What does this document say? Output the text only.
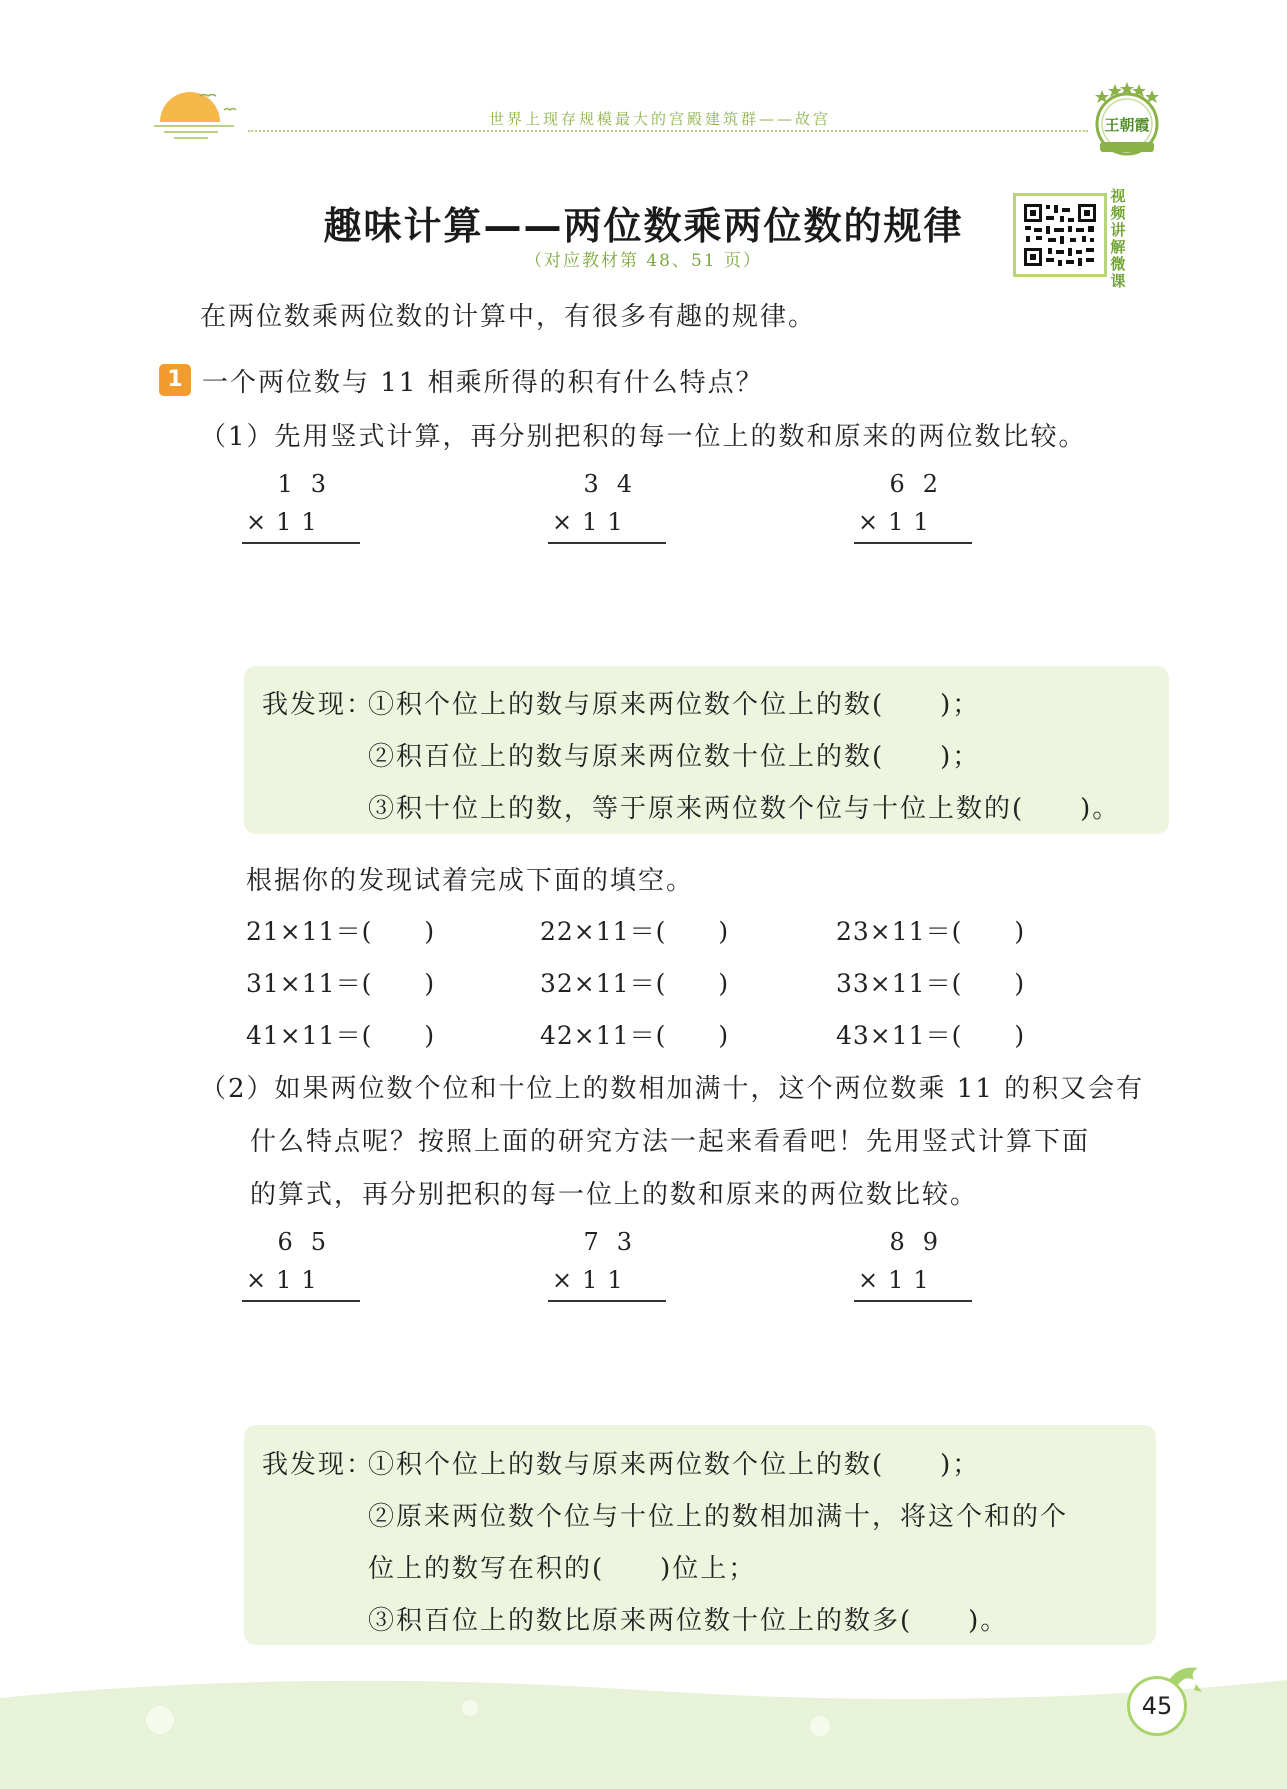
世界上现存规模最大的宫殿建筑群——故宫	王朝霞
趣味计算——两位数乘两位数的规律
（对应教材第 48、51 页）
视频讲解微课
在两位数乘两位数的计算中，有很多有趣的规律。
1 一个两位数与 11 相乘所得的积有什么特点？
（1）先用竖式计算，再分别把积的每一位上的数和原来的两位数比较。
13
×11
34
×11
62
×11
我发现：
①积个位上的数与原来两位数个位上的数(　　)；
②积百位上的数与原来两位数十位上的数(　　)；
③积十位上的数，等于原来两位数个位与十位上数的(　　)。
根据你的发现试着完成下面的填空。
21×11＝(　　)	22×11＝(　　)	23×11＝(　　)
31×11＝(　　)	32×11＝(　　)	33×11＝(　　)
41×11＝(　　)	42×11＝(　　)	43×11＝(　　)
（2）如果两位数个位和十位上的数相加满十，这个两位数乘 11 的积又会有
什么特点呢？按照上面的研究方法一起来看看吧！先用竖式计算下面
的算式，再分别把积的每一位上的数和原来的两位数比较。
65
×11
73
×11
89
×11
我发现：
①积个位上的数与原来两位数个位上的数(　　)；
②原来两位数个位与十位上的数相加满十，将这个和的个
位上的数写在积的(　　)位上；
③积百位上的数比原来两位数十位上的数多(　　)。
45
